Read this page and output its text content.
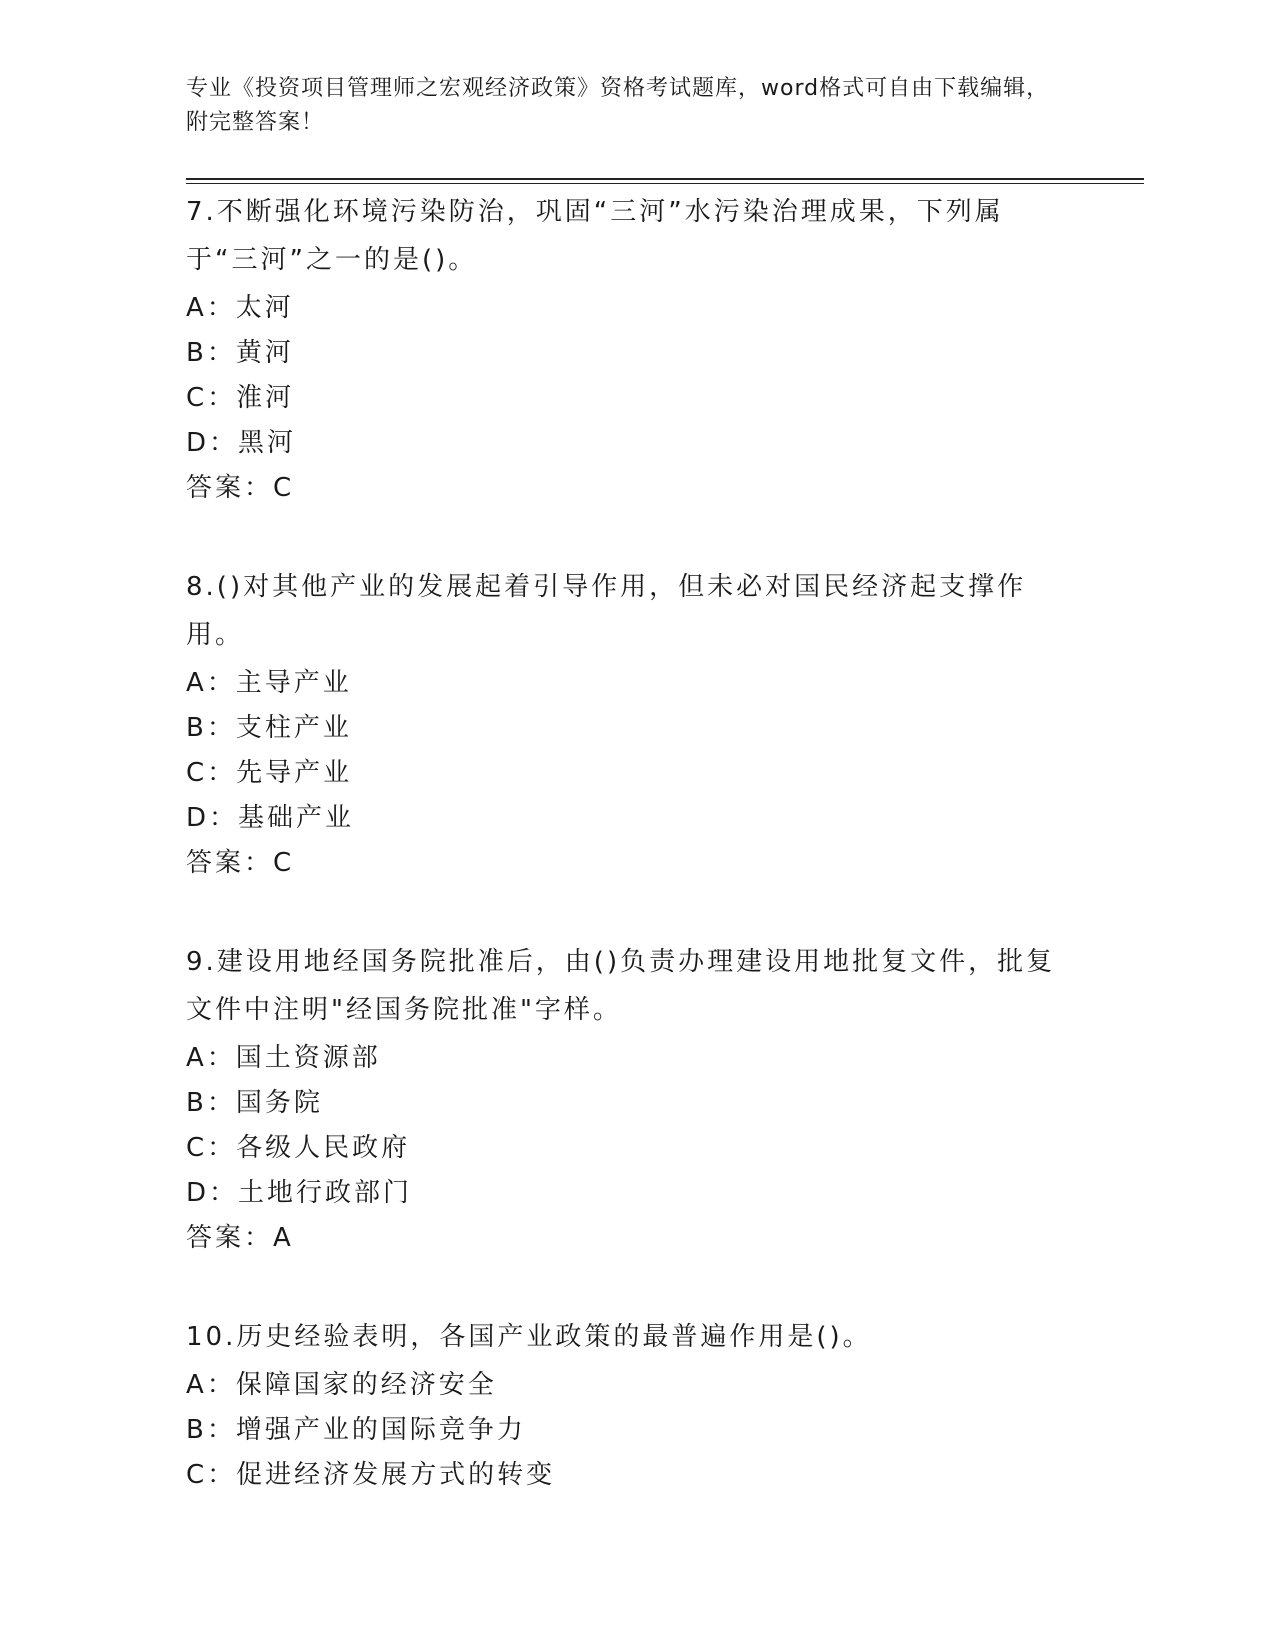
专业《投资项目管理师之宏观经济政策》资格考试题库，word格式可自由下载编辑，附完整答案！
7.不断强化环境污染防治，巩固“三河”水污染治理成果，下列属于“三河”之一的是()。
A：太河
B：黄河
C：淮河
D：黑河
答案：C
8.()对其他产业的发展起着引导作用，但未必对国民经济起支撑作用。
A：主导产业
B：支柱产业
C：先导产业
D：基础产业
答案：C
9.建设用地经国务院批准后，由()负责办理建设用地批复文件，批复文件中注明"经国务院批准"字样。
A：国土资源部
B：国务院
C：各级人民政府
D：土地行政部门
答案：A
10.历史经验表明，各国产业政策的最普遍作用是()。
A：保障国家的经济安全
B：增强产业的国际竞争力
C：促进经济发展方式的转变
